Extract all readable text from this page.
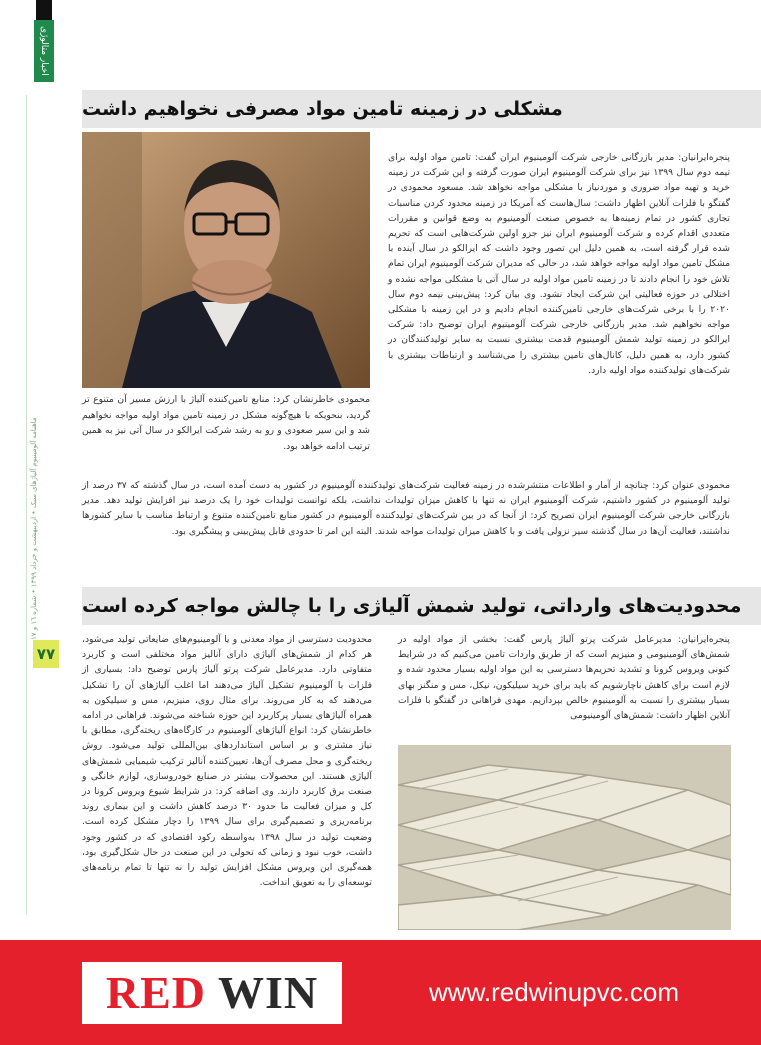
اخبار متالوژی
ماهنامه آلومینیوم آلیاژهای سبک • اردیبهشت و خرداد ١٣٩٩ • شماره ١٦ و ١٧
٧٧
مشکلی در زمینه تامین مواد مصرفی نخواهیم داشت
محمودی خاطرنشان کرد: منابع تامین‌کننده آلیاژ با ارزش مسیر آن متنوع تر گردید، بنحویکه با هیچ‌گونه مشکل در زمینه تامین مواد اولیه مواجه نخواهیم شد و این سیر صعودی و رو به رشد شرکت ایرالکو در سال آتی نیز به همین ترتیب ادامه خواهد بود.
پنجره‌ایرانیان: مدیر بازرگانی خارجی شرکت آلومینیوم ایران گفت: تامین مواد اولیه برای تیمه دوم سال ۱۳۹۹ نیز برای شرکت آلومینیوم ایران صورت گرفته و این شرکت در زمینه خرید و تهیه مواد ضروری و موردنیاز با مشکلی مواجه نخواهد شد. مسعود محمودی در گفتگو با فلزات آنلاین اظهار داشت: سال‌هاست که آمریکا در زمینه محدود کردن مناسبات تجاری کشور در تمام زمینه‌ها به خصوص صنعت آلومینیوم به وضع قوانین و مقررات متعددی اقدام کرده و شرکت آلومینیوم ایران نیز جزو اولین شرکت‌هایی است که تحریم شده قرار گرفته است، به همین دلیل این تصور وجود داشت که ایرالکو در سال آینده با مشکل تامین مواد اولیه مواجه خواهد شد، در حالی که مدیران شرکت آلومینیوم ایران تمام تلاش خود را انجام دادند تا در زمینه تامین مواد اولیه در سال آتی با مشکلی مواجه نشده و اختلالی در حوزه فعالیتی این شرکت ایجاد نشود. وی بیان کرد: پیش‌بینی نیمه دوم سال ۲۰۲۰ را با برخی شرکت‌های خارجی تامین‌کننده انجام دادیم و در این زمینه با مشکلی مواجه نخواهیم شد. مدیر بازرگانی خارجی شرکت آلومینیوم ایران توضیح داد: شرکت ایرالکو در زمینه تولید شمش آلومینیوم قدمت بیشتری نسبت به سایر تولیدکنندگان در کشور دارد، به همین دلیل، کانال‌های تامین بیشتری را می‌شناسد و ارتباطات بیشتری با شرکت‌های تولیدکننده مواد اولیه دارد.
محمودی عنوان کرد: چنانچه از آمار و اطلاعات منتشرشده در زمینه فعالیت شرکت‌های تولیدکننده آلومینیوم در کشور به دست آمده است، در سال گذشته که ۳۷ درصد از تولید آلومینیوم در کشور داشتیم، شرکت آلومینیوم ایران نه تنها با کاهش میزان تولیدات نداشت، بلکه توانست تولیدات خود را یک درصد نیز افزایش تولید دهد. مدیر بازرگانی خارجی شرکت آلومینیوم ایران تصریح کرد: از آنجا که در بین شرکت‌های تولیدکننده آلومینیوم در کشور منابع تامین‌کننده متنوع و ارتباط مناسب با سایر کشورها نداشتند، فعالیت آن‌ها در سال گذشته سیر نزولی یافت و با کاهش میزان تولیدات مواجه شدند. البته این امر تا حدودی قابل پیش‌بینی و پیشگیری بود.
محدودیت‌های وارداتی، تولید شمش آلیاژی را با چالش مواجه کرده است
محدودیت دسترسی از مواد معدنی و یا آلومینیوم‌های ضایعاتی تولید می‌شود، هر کدام از شمش‌های آلیاژی دارای آنالیز مواد مختلفی است و کاربرد متفاوتی دارد. مدیرعامل شرکت پرتو آلیاژ پارس توضیح داد: بسیاری از فلزات با آلومینیوم تشکیل آلیاژ می‌دهند اما اغلب آلیاژهای آن را تشکیل می‌دهند که به کار می‌روند. برای مثال روی، منیزیم، مس و سیلیکون به همراه آلیاژهای بسیار پرکاربرد این حوزه شناخته می‌شوند. فراهانی در ادامه خاطرنشان کرد: انواع آلیاژهای آلومینیوم در کارگاه‌های ریخته‌گری، مطابق با نیاز مشتری و بر اساس استانداردهای بین‌المللی تولید می‌شود. روش ریخته‌گری و محل مصرف آن‌ها، تعیین‌کننده آنالیز ترکیب شیمیایی شمش‌های آلیاژی هستند. این محصولات بیشتر در صنایع خودروسازی، لوازم خانگی و صنعت برق کاربرد دارند. وی اضافه کرد: در شرایط شیوع ویروس کرونا در کل و میزان فعالیت ما حدود ۳۰ درصد کاهش داشت و این بیماری روند برنامه‌ریزی و تصمیم‌گیری برای سال ۱۳۹۹ را دچار مشکل کرده است. وضعیت تولید در سال ۱۳۹۸ به‌واسطه رکود اقتصادی که در کشور وجود داشت، خوب نبود و زمانی که تحولی در این صنعت در حال شکل‌گیری بود، همه‌گیری این ویروس مشکل افزایش تولید را نه تنها تا تمام برنامه‌های توسعه‌ای را به تعویق انداخت.
پنجره‌ایرانیان: مدیرعامل شرکت پرتو آلیاژ پارس گفت: بخشی از مواد اولیه در شمش‌های آلومینیومی و منیزیم است که از طریق واردات تامین می‌کنیم که در شرایط کنونی ویروس کرونا و تشدید تحریم‌ها دسترسی به این مواد اولیه بسیار محدود شده و لازم است برای کاهش ناچارشویم که باید برای خرید سیلیکون، نیکل، مس و منگنز بهای بسیار بیشتری را نسبت به آلومینیوم خالص بپردازیم. مهدی فراهانی در گفتگو با فلزات آنلاین اظهار داشت: شمش‌های آلومینیومی
RED WIN	www.redwinupvc.com
